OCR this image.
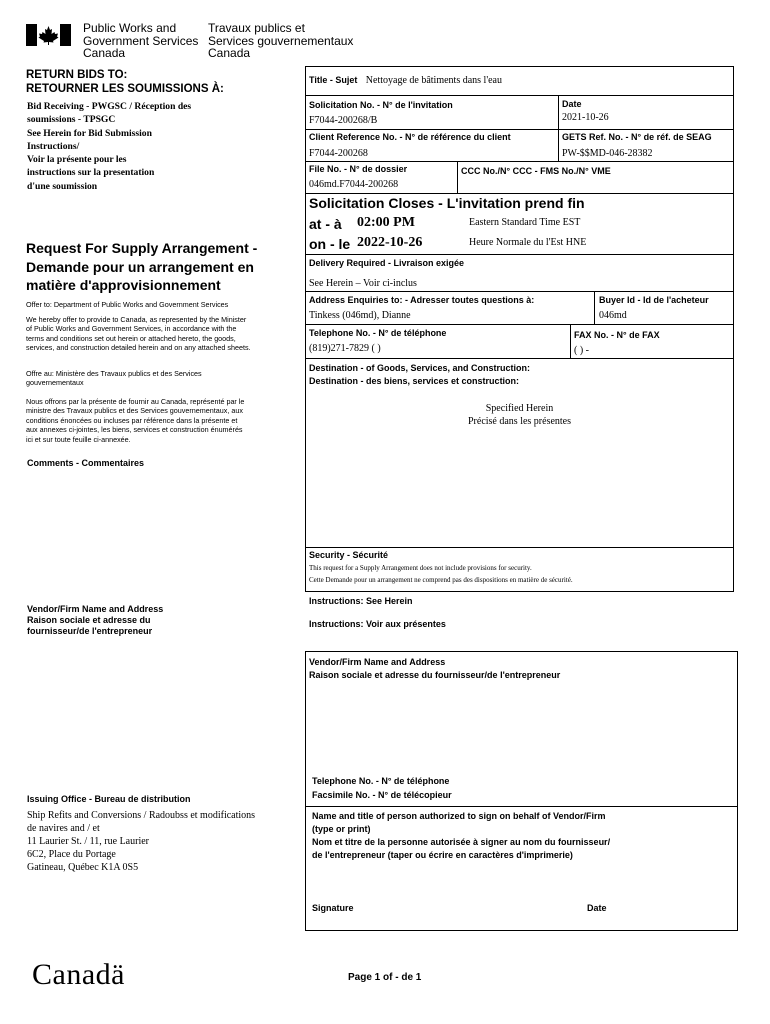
Public Works and
Government Services
Canada
Travaux publics et
Services gouvernementaux
Canada
RETURN BIDS TO:
RETOURNER LES SOUMISSIONS À:
Bid Receiving - PWGSC / Réception des
soumissions - TPSGC
See Herein for Bid Submission
Instructions/
Voir la présente pour les
instructions sur la presentation
d'une soumission
Request For Supply Arrangement -
Demande pour un arrangement en
matière d'approvisionnement
Offer to: Department of Public Works and Government Services
We hereby offer to provide to Canada, as represented by the Minister
of Public Works and Government Services, in accordance with the
terms and conditions set out herein or attached hereto, the goods,
services, and construction detailed herein and on any attached sheets.
Offre au: Ministère des Travaux publics et des Services
gouvernementaux
Nous offrons par la présente de fournir au Canada, représenté par le
ministre des Travaux publics et des Services gouvernementaux, aux
conditions énoncées ou incluses par référence dans la présente et
aux annexes ci-jointes, les biens, services et construction énumérés
ici et sur toute feuille ci-annexée.
Comments - Commentaires
Vendor/Firm Name and Address
Raison sociale et adresse du
fournisseur/de l'entrepreneur
Issuing Office - Bureau de distribution
Ship Refits and Conversions / Radoubss et modifications
de navires and / et
11 Laurier St. / 11, rue Laurier
6C2, Place du Portage
Gatineau, Québec K1A 0S5
Title - Sujet Nettoyage de bâtiments dans l'eau
Solicitation No. - N° de l'invitation
F7044-200268/B
Date
2021-10-26
Client Reference No. - N° de référence du client
F7044-200268
GETS Ref. No. - N° de réf. de SEAG
PW-$$MD-046-28382
File No. - N° de dossier
046md.F7044-200268
CCC No./N° CCC - FMS No./N° VME
Solicitation Closes - L'invitation prend fin
at - à 02:00 PM	Eastern Standard Time EST
on - le 2022-10-26	Heure Normale du l'Est HNE
Delivery Required - Livraison exigée
See Herein – Voir ci-inclus
Address Enquiries to: - Adresser toutes questions à:
Tinkess (046md), Dianne
Buyer Id - Id de l'acheteur
046md
Telephone No. - N° de téléphone
(819)271-7829 ( )
FAX No. - N° de FAX
( ) -
Destination - of Goods, Services, and Construction:
Destination - des biens, services et construction:
Specified Herein
Précisé dans les présentes
Security - Sécurité
This request for a Supply Arrangement does not include provisions for security.
Cette Demande pour un arrangement ne comprend pas des dispositions en matière de sécurité.
Instructions: See Herein
Instructions: Voir aux présentes
Vendor/Firm Name and Address
Raison sociale et adresse du fournisseur/de l'entrepreneur
Telephone No. - N° de téléphone
Facsimile No. - N° de télécopieur
Name and title of person authorized to sign on behalf of Vendor/Firm
(type or print)
Nom et titre de la personne autorisée à signer au nom du fournisseur/
de l'entrepreneur (taper ou écrire en caractères d'imprimerie)
Signature	Date
Canadä	Page 1 of - de 1
